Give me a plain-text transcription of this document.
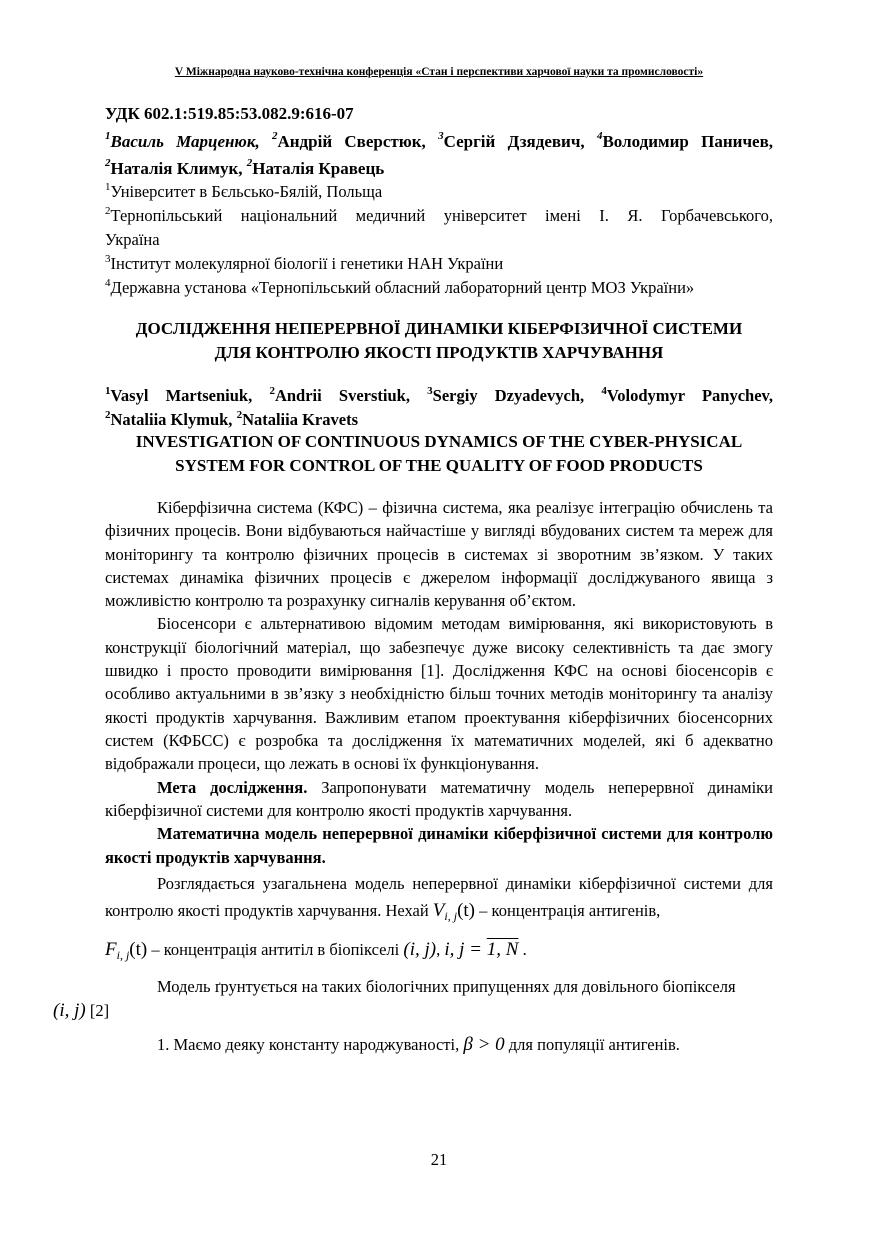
V Міжнародна науково-технічна конференція «Стан і перспективи харчової науки та промисловості»
УДК 602.1:519.85:53.082.9:616-07
$^1$Василь Марценюк, $^2$Андрій Сверстюк, $^3$Сергій Дзядевич, $^4$Володимир Паничев,
$^2$Наталія Климук, $^2$Наталія Кравець
$^1$Університет в Бєльсько-Бялій, Польща
$^2$Тернопільський національний медичний університет імені І. Я. Горбачевського,
Україна
$^3$Інститут молекулярної біології і генетики НАН України
$^4$Державна установа «Тернопільський обласний лабораторний центр МОЗ України»
ДОСЛІДЖЕННЯ НЕПЕРЕРВНОЇ ДИНАМІКИ КІБЕРФІЗИЧНОЇ СИСТЕМИ
ДЛЯ КОНТРОЛЮ ЯКОСТІ ПРОДУКТІВ ХАРЧУВАННЯ
$^1$Vasyl Martseniuk, $^2$Andrii Sverstiuk, $^3$Sergiy Dzyadevych, $^4$Volodymyr Panychev,
$^2$Nataliia Klymuk, $^2$Nataliia Kravets
INVESTIGATION OF CONTINUOUS DYNAMICS OF THE CYBER-PHYSICAL
SYSTEM FOR CONTROL OF THE QUALITY OF FOOD PRODUCTS

Кіберфізична система (КФС) – фізична система, яка реалізує інтеграцію обчислень та фізичних процесів. Вони відбуваються найчастіше у вигляді вбудованих систем та мереж для моніторингу та контролю фізичних процесів в системах зі зворотним зв’язком. У таких системах динаміка фізичних процесів є джерелом інформації досліджуваного явища з можливістю контролю та розрахунку сигналів керування об’єктом.

Біосенсори є альтернативою відомим методам вимірювання, які використовують в конструкції біологічний матеріал, що забезпечує дуже високу селективність та дає змогу швидко і просто проводити вимірювання [1]. Дослідження КФС на основі біосенсорів є особливо актуальними в зв’язку з необхідністю більш точних методів моніторингу та аналізу якості продуктів харчування. Важливим етапом проектування кіберфізичних біосенсорних систем (КФБСС) є розробка та дослідження їх математичних моделей, які б адекватно відображали процеси, що лежать в основі їх функціонування.

Мета дослідження. Запропонувати математичну модель неперервної динаміки кіберфізичної системи для контролю якості продуктів харчування.

Математична модель неперервної динаміки кіберфізичної системи для контролю якості продуктів харчування.

Розглядається узагальнена модель неперервної динаміки кіберфізичної системи для контролю якості продуктів харчування. Нехай $V_{i, j}(t)$ – концентрація антигенів,

$F_{i, j}(t)$ – концентрація антитіл в біопікселі (i, j), i, j = 1, N .

Модель ґрунтується на таких біологічних припущеннях для довільного біопікселя
(i, j) [2]

1. Маємо деяку константу народжуваності, β > 0 для популяції антигенів.

21
